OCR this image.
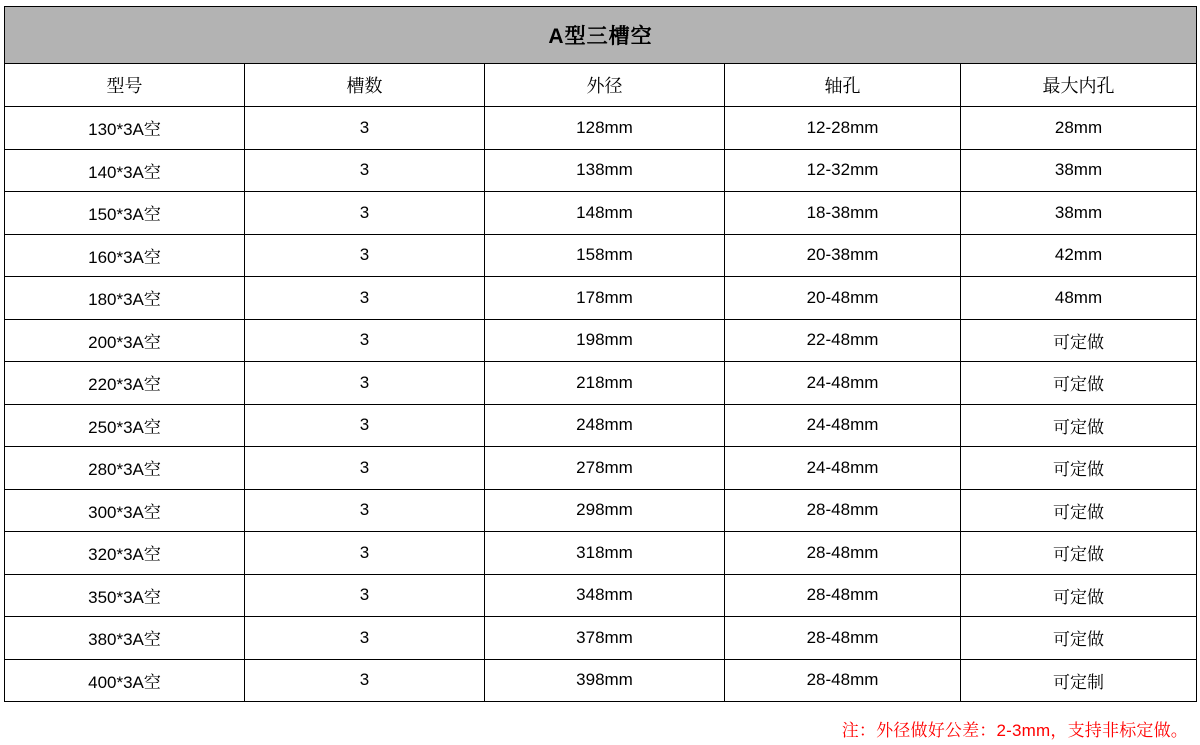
A型三槽空				
型号	槽数	外径	轴孔	最大内孔
130*3A空	3	128mm	12-28mm	28mm
140*3A空	3	138mm	12-32mm	38mm
150*3A空	3	148mm	18-38mm	38mm
160*3A空	3	158mm	20-38mm	42mm
180*3A空	3	178mm	20-48mm	48mm
200*3A空	3	198mm	22-48mm	可定做
220*3A空	3	218mm	24-48mm	可定做
250*3A空	3	248mm	24-48mm	可定做
280*3A空	3	278mm	24-48mm	可定做
300*3A空	3	298mm	28-48mm	可定做
320*3A空	3	318mm	28-48mm	可定做
350*3A空	3	348mm	28-48mm	可定做
380*3A空	3	378mm	28-48mm	可定做
400*3A空	3	398mm	28-48mm	可定制
注：外径做好公差：2-3mm，支持非标定做。
